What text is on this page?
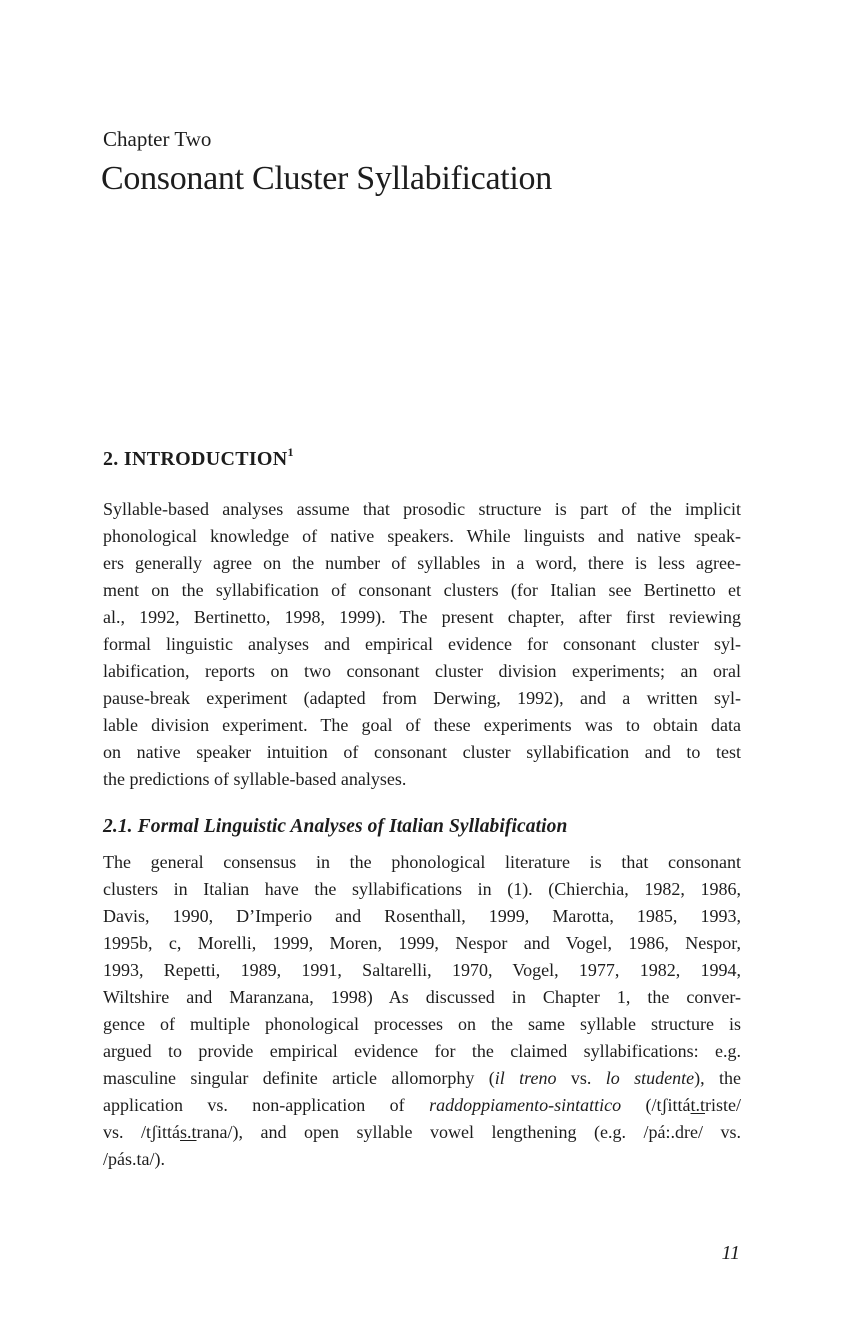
Chapter Two
Consonant Cluster Syllabification
2. INTRODUCTION$^1$
Syllable-based analyses assume that prosodic structure is part of the implicit
phonological knowledge of native speakers. While linguists and native speak-
ers generally agree on the number of syllables in a word, there is less agree-
ment on the syllabification of consonant clusters (for Italian see Bertinetto et
al., 1992, Bertinetto, 1998, 1999). The present chapter, after first reviewing
formal linguistic analyses and empirical evidence for consonant cluster syl-
labification, reports on two consonant cluster division experiments; an oral
pause-break experiment (adapted from Derwing, 1992), and a written syl-
lable division experiment. The goal of these experiments was to obtain data
on native speaker intuition of consonant cluster syllabification and to test
the predictions of syllable-based analyses.
2.1. Formal Linguistic Analyses of Italian Syllabification
The general consensus in the phonological literature is that consonant
clusters in Italian have the syllabifications in (1). (Chierchia, 1982, 1986,
Davis, 1990, D’Imperio and Rosenthall, 1999, Marotta, 1985, 1993,
1995b, c, Morelli, 1999, Moren, 1999, Nespor and Vogel, 1986, Nespor,
1993, Repetti, 1989, 1991, Saltarelli, 1970, Vogel, 1977, 1982, 1994,
Wiltshire and Maranzana, 1998) As discussed in Chapter 1, the conver-
gence of multiple phonological processes on the same syllable structure is
argued to provide empirical evidence for the claimed syllabifications: e.g.
masculine singular definite article allomorphy (il treno vs. lo studente), the
application vs. non-application of raddoppiamento-sintattico (/tʃittát.triste/
vs. /tʃittás.trana/), and open syllable vowel lengthening (e.g. /pá:.dre/ vs.
/pás.ta/).
11
